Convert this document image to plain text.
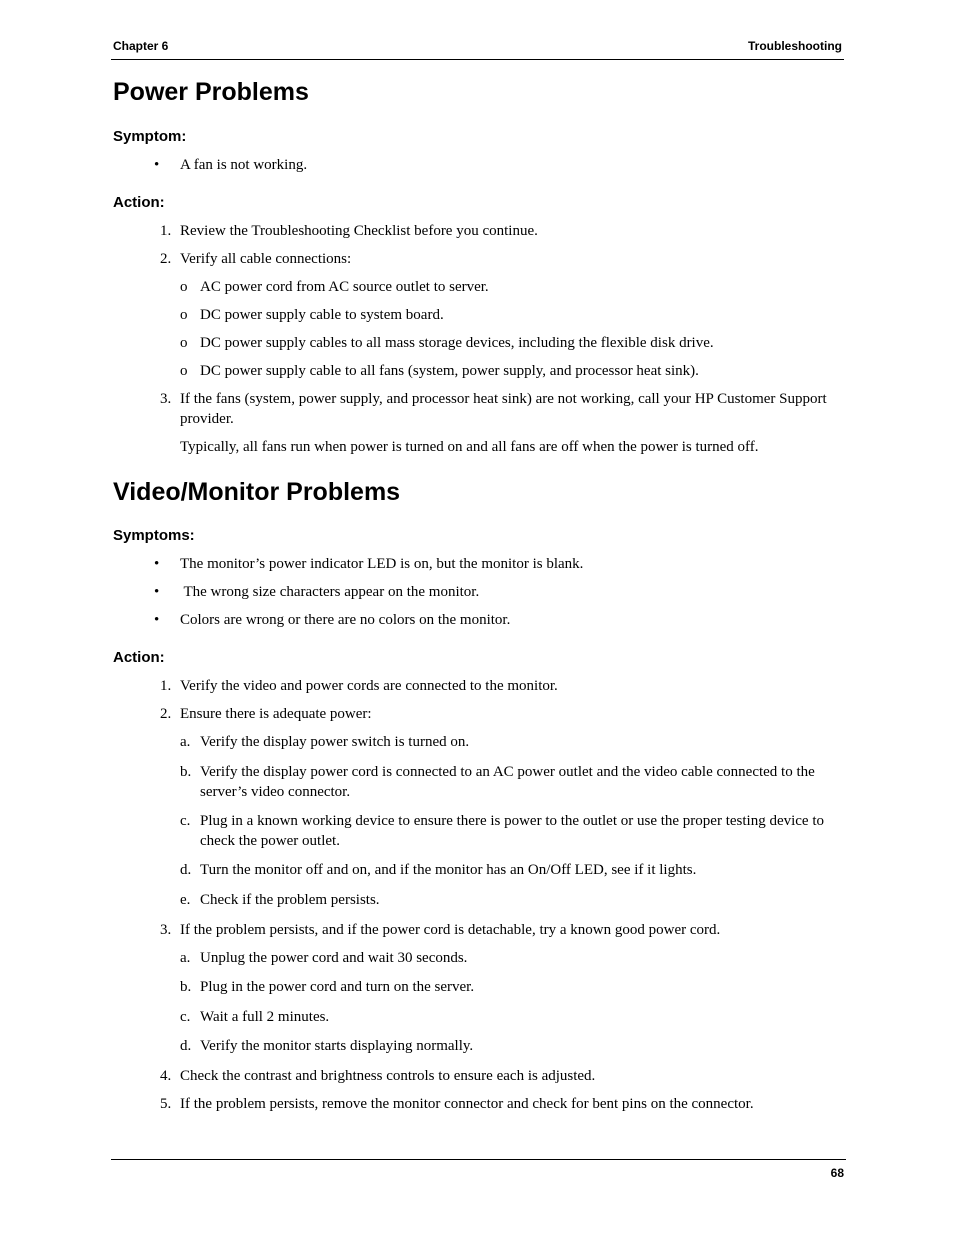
Chapter 6	Troubleshooting
Power Problems
Symptom:
• A fan is not working.
Action:
1. Review the Troubleshooting Checklist before you continue.
2. Verify all cable connections:
o AC power cord from AC source outlet to server.
o DC power supply cable to system board.
o DC power supply cables to all mass storage devices, including the flexible disk drive.
o DC power supply cable to all fans (system, power supply, and processor heat sink).
3. If the fans (system, power supply, and processor heat sink) are not working, call your HP Customer Support provider.
Typically, all fans run when power is turned on and all fans are off when the power is turned off.
Video/Monitor Problems
Symptoms:
• The monitor’s power indicator LED is on, but the monitor is blank.
• The wrong size characters appear on the monitor.
• Colors are wrong or there are no colors on the monitor.
Action:
1. Verify the video and power cords are connected to the monitor.
2. Ensure there is adequate power:
a. Verify the display power switch is turned on.
b. Verify the display power cord is connected to an AC power outlet and the video cable connected to the server’s video connector.
c. Plug in a known working device to ensure there is power to the outlet or use the proper testing device to check the power outlet.
d. Turn the monitor off and on, and if the monitor has an On/Off LED, see if it lights.
e. Check if the problem persists.
3. If the problem persists, and if the power cord is detachable, try a known good power cord.
a. Unplug the power cord and wait 30 seconds.
b. Plug in the power cord and turn on the server.
c. Wait a full 2 minutes.
d. Verify the monitor starts displaying normally.
4. Check the contrast and brightness controls to ensure each is adjusted.
5. If the problem persists, remove the monitor connector and check for bent pins on the connector.
68
